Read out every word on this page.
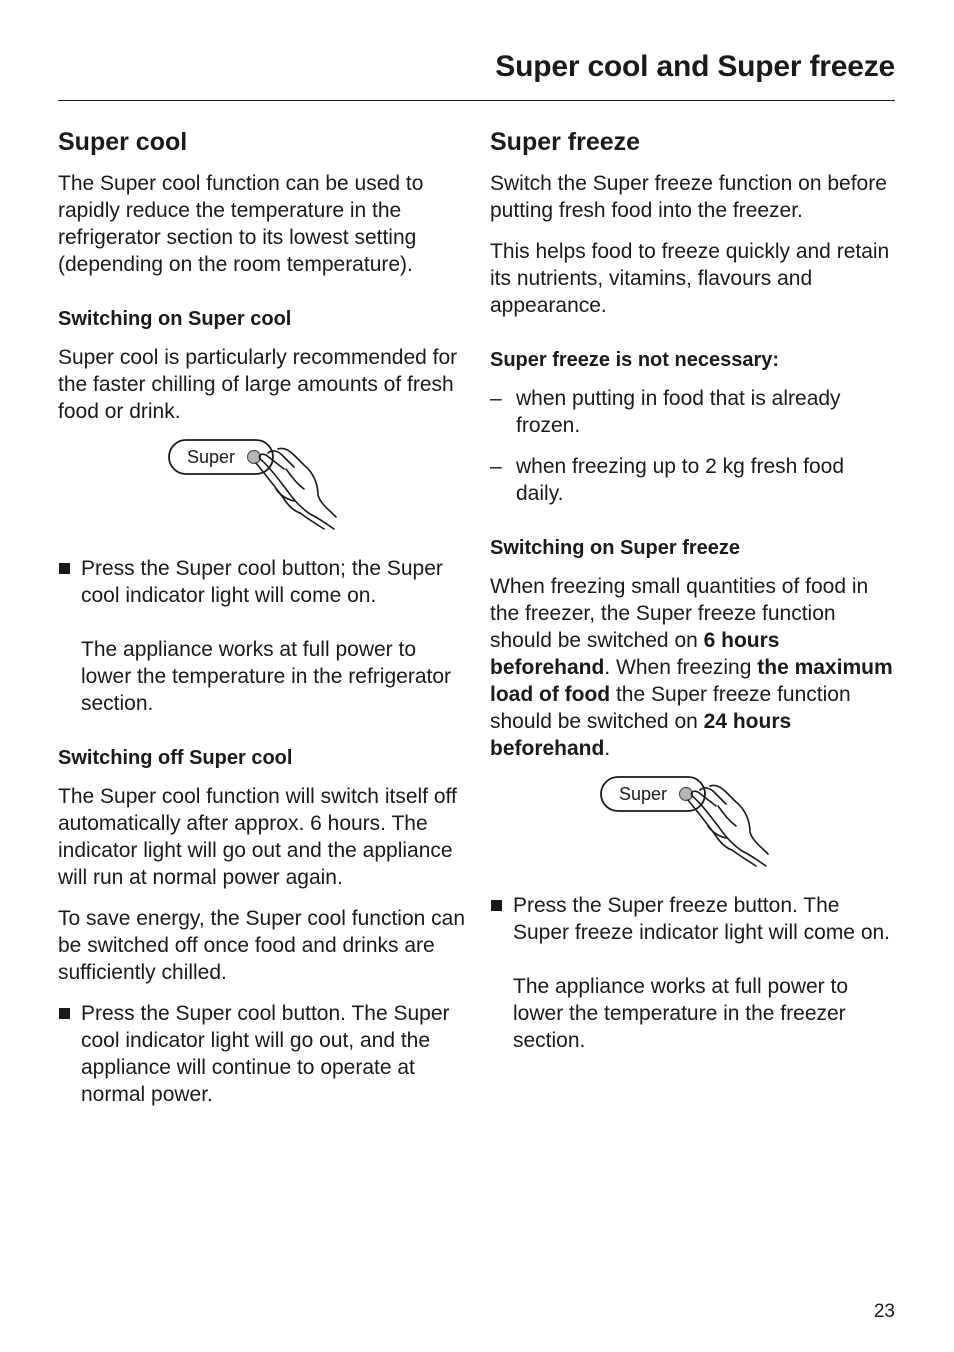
Super cool and Super freeze
Super cool

The Super cool function can be used to rapidly reduce the temperature in the refrigerator section to its lowest setting (depending on the room temperature).

Switching on Super cool

Super cool is particularly recommended for the faster chilling of large amounts of fresh food or drink.

Super

Press the Super cool button; the Super cool indicator light will come on.

The appliance works at full power to lower the temperature in the refrigerator section.

Switching off Super cool

The Super cool function will switch itself off automatically after approx. 6 hours. The indicator light will go out and the appliance will run at normal power again.

To save energy, the Super cool function can be switched off once food and drinks are sufficiently chilled.

Press the Super cool button. The Super cool indicator light will go out, and the appliance will continue to operate at normal power.

Super freeze

Switch the Super freeze function on before putting fresh food into the freezer.

This helps food to freeze quickly and retain its nutrients, vitamins, flavours and appearance.

Super freeze is not necessary:
– when putting in food that is already frozen.

– when freezing up to 2 kg fresh food daily.

Switching on Super freeze

When freezing small quantities of food in the freezer, the Super freeze function should be switched on 6 hours beforehand. When freezing the maximum load of food the Super freeze function should be switched on 24 hours beforehand.

Super

Press the Super freeze button. The Super freeze indicator light will come on.

The appliance works at full power to lower the temperature in the freezer section.

23
